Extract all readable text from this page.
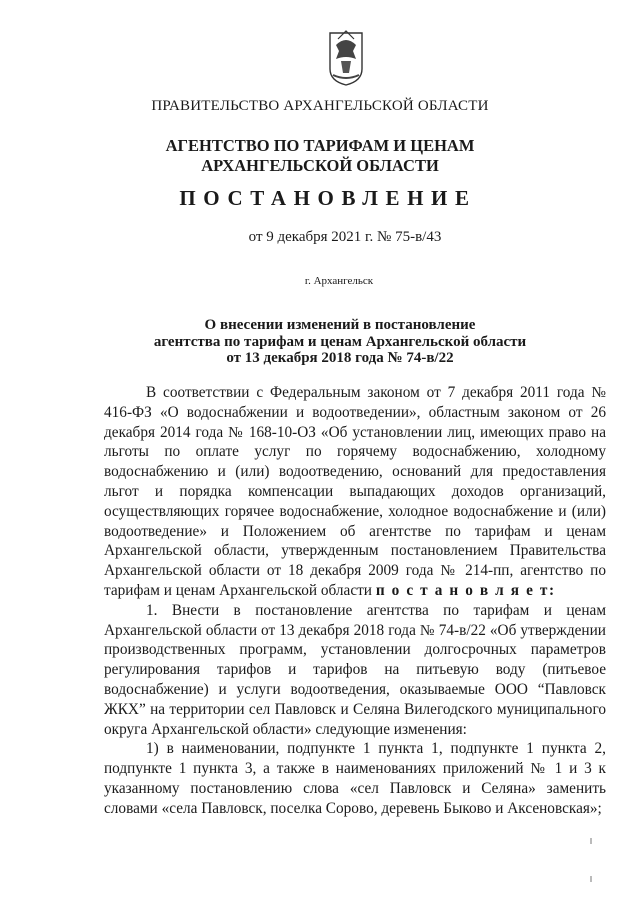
ПРАВИТЕЛЬСТВО АРХАНГЕЛЬСКОЙ ОБЛАСТИ
АГЕНТСТВО ПО ТАРИФАМ И ЦЕНАМ
АРХАНГЕЛЬСКОЙ ОБЛАСТИ
ПОСТАНОВЛЕНИЕ
от 9 декабря 2021 г. № 75-в/43
г. Архангельск
О внесении изменений в постановление
агентства по тарифам и ценам Архангельской области
от 13 декабря 2018 года № 74-в/22

В соответствии с Федеральным законом от 7 декабря 2011 года № 416-ФЗ «О водоснабжении и водоотведении», областным законом от 26 декабря 2014 года № 168-10-ОЗ «Об установлении лиц, имеющих право на льготы по оплате услуг по горячему водоснабжению, холодному водоснабжению и (или) водоотведению, оснований для предоставления льгот и порядка компенсации выпадающих доходов организаций, осуществляющих горячее водоснабжение, холодное водоснабжение и (или) водоотведение» и Положением об агентстве по тарифам и ценам Архангельской области, утвержденным постановлением Правительства Архангельской области от 18 декабря 2009 года № 214-пп, агентство по тарифам и ценам Архангельской области п о с т а н о в л я е т:

1. Внести в постановление агентства по тарифам и ценам Архангельской области от 13 декабря 2018 года № 74-в/22 «Об утверждении производственных программ, установлении долгосрочных параметров регулирования тарифов и тарифов на питьевую воду (питьевое водоснабжение) и услуги водоотведения, оказываемые ООО “Павловск ЖКХ” на территории сел Павловск и Селяна Вилегодского муниципального округа Архангельской области» следующие изменения:

1) в наименовании, подпункте 1 пункта 1, подпункте 1 пункта 2, подпункте 1 пункта 3, а также в наименованиях приложений № 1 и 3 к указанному постановлению слова «сел Павловск и Селяна» заменить словами «села Павловск, поселка Сорово, деревень Быково и Аксеновская»;
